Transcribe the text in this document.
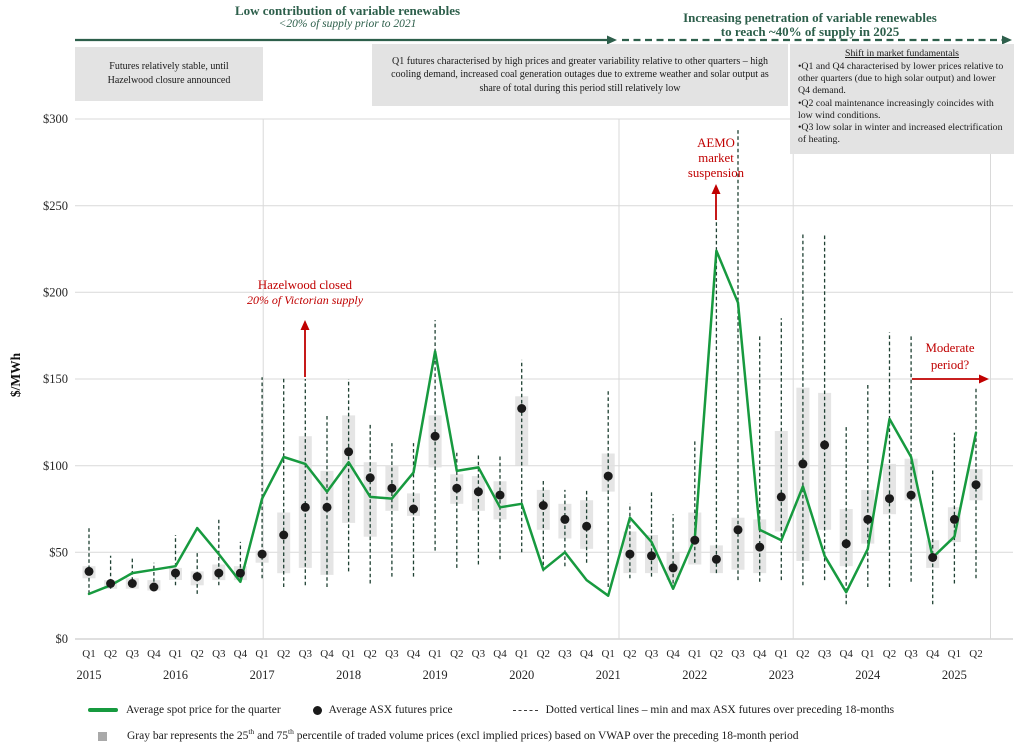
$0
$50
$100
$150
$200
$250
$300
$/MWh
Q1
2015
Q2 Q3 Q4 Q1
2016
Q2 Q3 Q4 Q1
2017
Q2 Q3 Q4 Q1
2018
Q2 Q3 Q4 Q1
2019
Q2 Q3 Q4 Q1
2020
Q2 Q3 Q4 Q1
2021
Q2 Q3 Q4 Q1
2022
Q2 Q3 Q4 Q1
2023
Q2 Q3 Q4 Q1
2024
Q2 Q3 Q4 Q1
2025
Q2
Hazelwood closed
20% of Victorian supply
AEMO
market
suspension
Moderate
period?
Low contribution of variable renewables
<20% of supply prior to 2021	Increasing penetration of variable renewables
to reach ~40% of supply in 2025
Futures relatively stable, until Hazelwood closure announced
Q1 futures characterised by high prices and greater variability relative to other quarters – high cooling demand, increased coal generation outages due to extreme weather and solar output as share of total during this period still relatively low
Shift in market fundamentals
•Q1 and Q4 characterised by lower prices relative to other quarters (due to high solar output) and lower Q4 demand.
•Q2 coal maintenance increasingly coincides with low wind conditions.
•Q3 low solar in winter and increased electrification of heating.
Average spot price for the quarter	Average ASX futures price	Dotted vertical lines – min and max ASX futures over preceding 18-months
Gray bar represents the 25th and 75th percentile of traded volume prices (excl implied prices) based on VWAP over the preceding 18-month period
